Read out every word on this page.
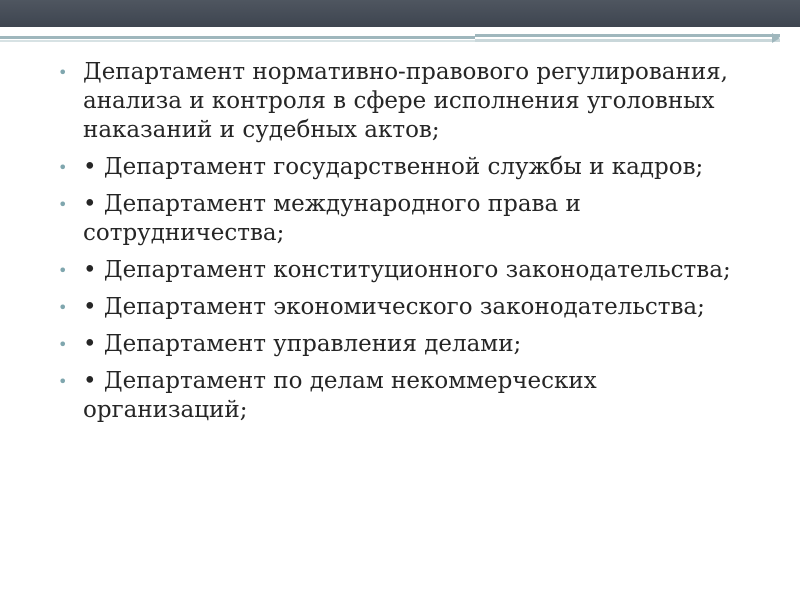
• Департамент нормативно-правового регулирования, анализа и контроля в сфере исполнения уголовных наказаний и судебных актов;
• • Департамент государственной службы и кадров;
• • Департамент международного права и сотрудничества;
• • Департамент конституционного законодательства;
• • Департамент экономического законодательства;
• • Департамент управления делами;
• • Департамент по делам некоммерческих организаций;
